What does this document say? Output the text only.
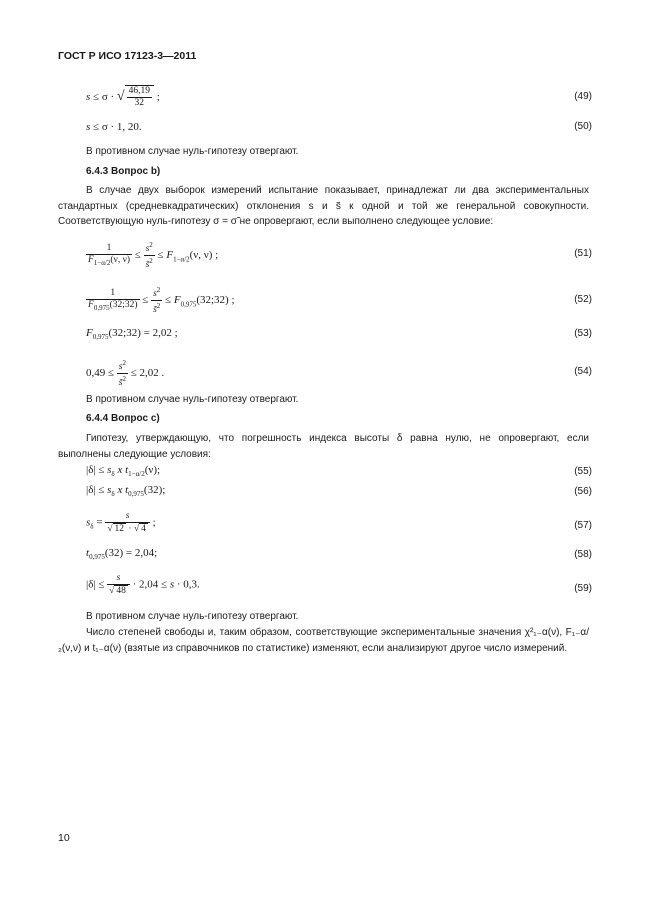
ГОСТ Р ИСО 17123-3—2011
s ≤ σ · √ $\frac{46,19}{32}$ ;	(49)
s ≤ σ · 1, 20.	(50)
В противном случае нуль-гипотезу отвергают.
6.4.3 Вопрос b)
В случае двух выборок измерений испытание показывает, принадлежат ли два экспериментальных стандартных (средневкадратических) отклонения s и s̃ к одной и той же генеральной совокупности. Соответствующую нуль-гипотезу σ = σ̃ не опровергают, если выполнено следующее условие:
$\frac{1}{F_{1-\alpha/2}(\nu, \nu)} \le \frac{s^2}{s̃^2} \le F_{1-\alpha/2}(\nu$, ν) ;	(51)
$\frac{1}{F_{0,975}(32;32)} \le \frac{s^2}{s̃^2}$ ≤ $F_{0,975}(32;32)$ ;	(52)
$F_{0,975}(32;32) = 2,02$ ;	(53)
$0,49 \le \frac{s^2}{s̃^2} \le 2,02$ .	(54)
В противном случае нуль-гипотезу отвергают.
6.4.4 Вопрос c)
Гипотезу, утверждающую, что погрешность индекса высоты δ равна нулю, не опровергают, если выполнены следующие условия:
$|\delta| \le s_\delta$ x $t_{1-\alpha/2}(\nu)$;	(55)
$|\delta| \le s_\delta$ x $t_{0,975}(32)$;	(56)
$s_\delta = \frac{s}{√ 12 \cdot √ 4}$ ;	(57)
$t_{0,975}(32) = 2,04$;	(58)
$|\delta| \le \frac{s}{√ 48} \cdot 2,04 \le s \cdot 0,3$.	(59)
В противном случае нуль-гипотезу отвергают.
Число степеней свободы и, таким образом, соответствующие экспериментальные значения χ²₁₋α(ν), F₁₋α/₂(ν,ν) и t₁₋α(ν) (взятые из справочников по статистике) изменяют, если анализируют другое число измерений.
10
